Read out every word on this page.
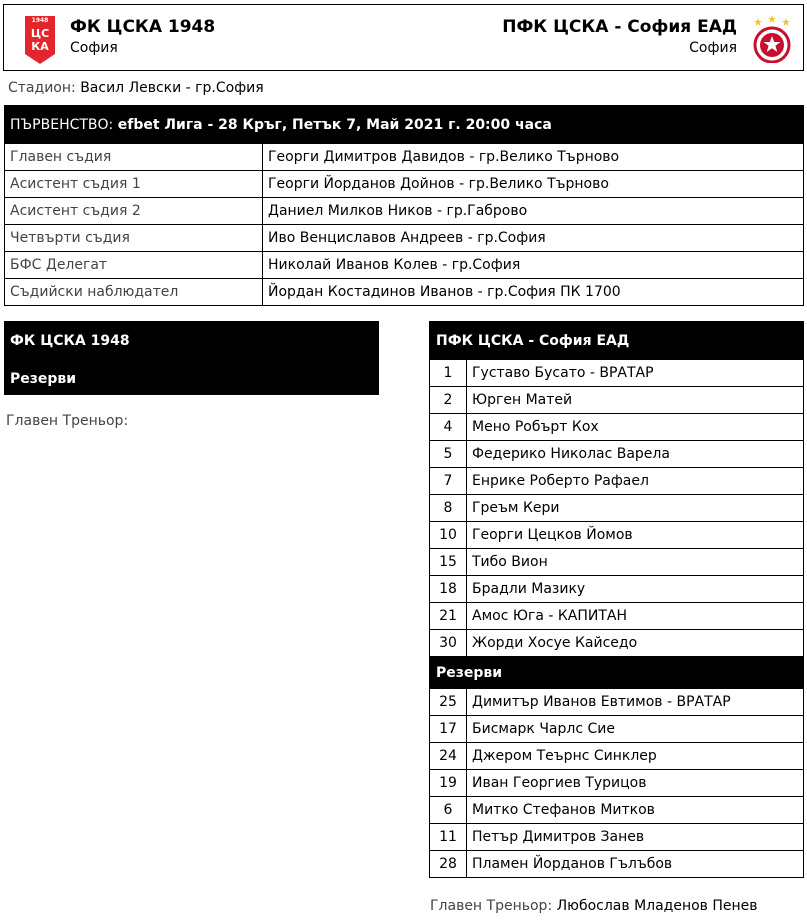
1948
ЦС
КА
ФК ЦСКА 1948
София
ПФК ЦСКА - София ЕАД
София
Стадион: Васил Левски - гр.София
ПЪРВЕНСТВО: efbet Лига - 28 Кръг, Петък 7, Май 2021 г. 20:00 часа	
Главен съдия	Георги Димитров Давидов - гр.Велико Търново
Асистент съдия 1	Георги Йорданов Дойнов - гр.Велико Търново
Асистент съдия 2	Даниел Милков Ников - гр.Габрово
Четвърти съдия	Иво Венциславов Андреев - гр.София
БФС Делегат	Николай Иванов Колев - гр.София
Съдийски наблюдател	Йордан Костадинов Иванов - гр.София ПК 1700
ФК ЦСКА 1948
Резерви
Главен Треньор:
ПФК ЦСКА - София ЕАД	
1	Густаво Бусато - ВРАТАР
2	Юрген Матей
4	Мено Робърт Кох
5	Федерико Николас Варела
7	Енрике Роберто Рафаел
8	Греъм Кери
10	Георги Цецков Йомов
15	Тибо Вион
18	Брадли Мазику
21	Амос Юга - КАПИТАН
30	Жорди Хосуе Кайседо
Резерви	
25	Димитър Иванов Евтимов - ВРАТАР
17	Бисмарк Чарлс Сие
24	Джером Теърнс Синклер
19	Иван Георгиев Турицов
6	Митко Стефанов Митков
11	Петър Димитров Занев
28	Пламен Йорданов Гълъбов
Главен Треньор: Любослав Младенов Пенев
